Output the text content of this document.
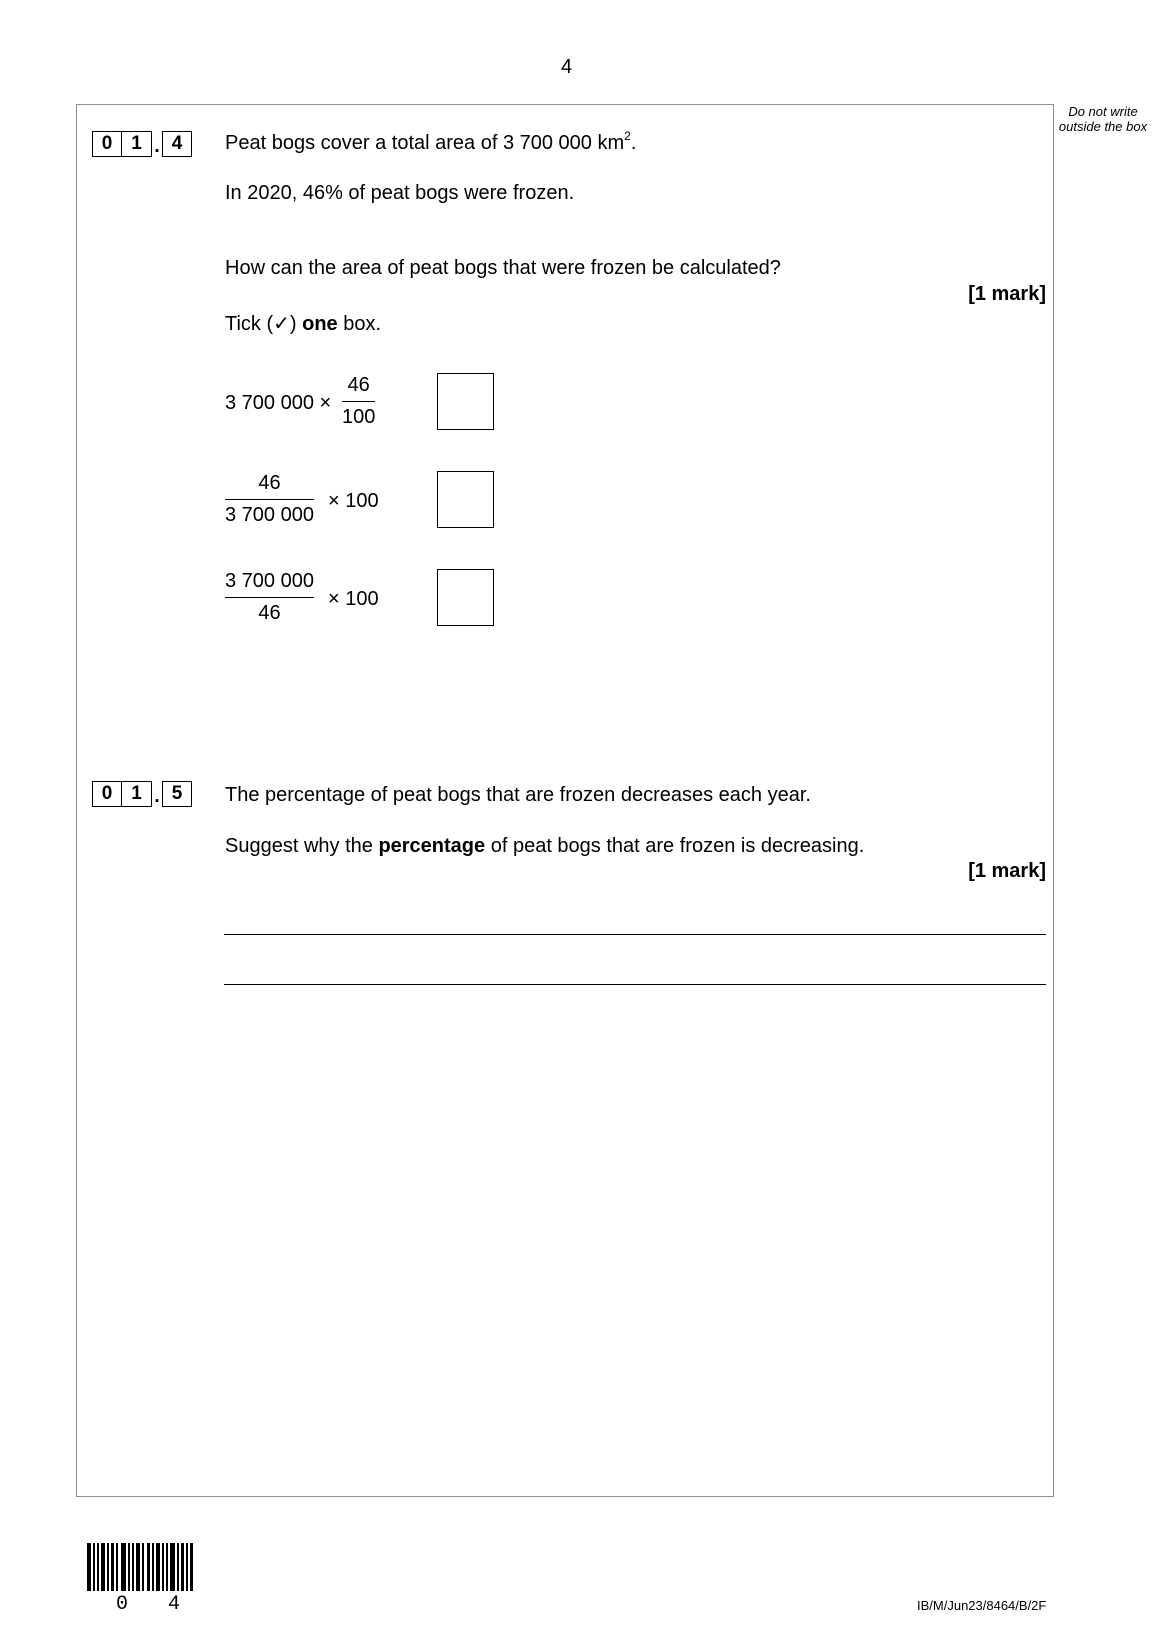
4
Do not write outside the box
0 1 . 4	Peat bogs cover a total area of 3 700 000 $km^2$.
In 2020, 46% of peat bogs were frozen.
How can the area of peat bogs that were frozen be calculated?
[1 mark]
Tick (✓) one box.
3 700 $000 \times \frac{46}{100}$
$\frac{46}{3 700 000} \times 100$
$\frac{3 700 000}{46} \times 100$
0 1 . 5	The percentage of peat bogs that are frozen decreases each year.
Suggest why the percentage of peat bogs that are frozen is decreasing.
[1 mark]
0 4	IB/M/Jun23/8464/B/2F
